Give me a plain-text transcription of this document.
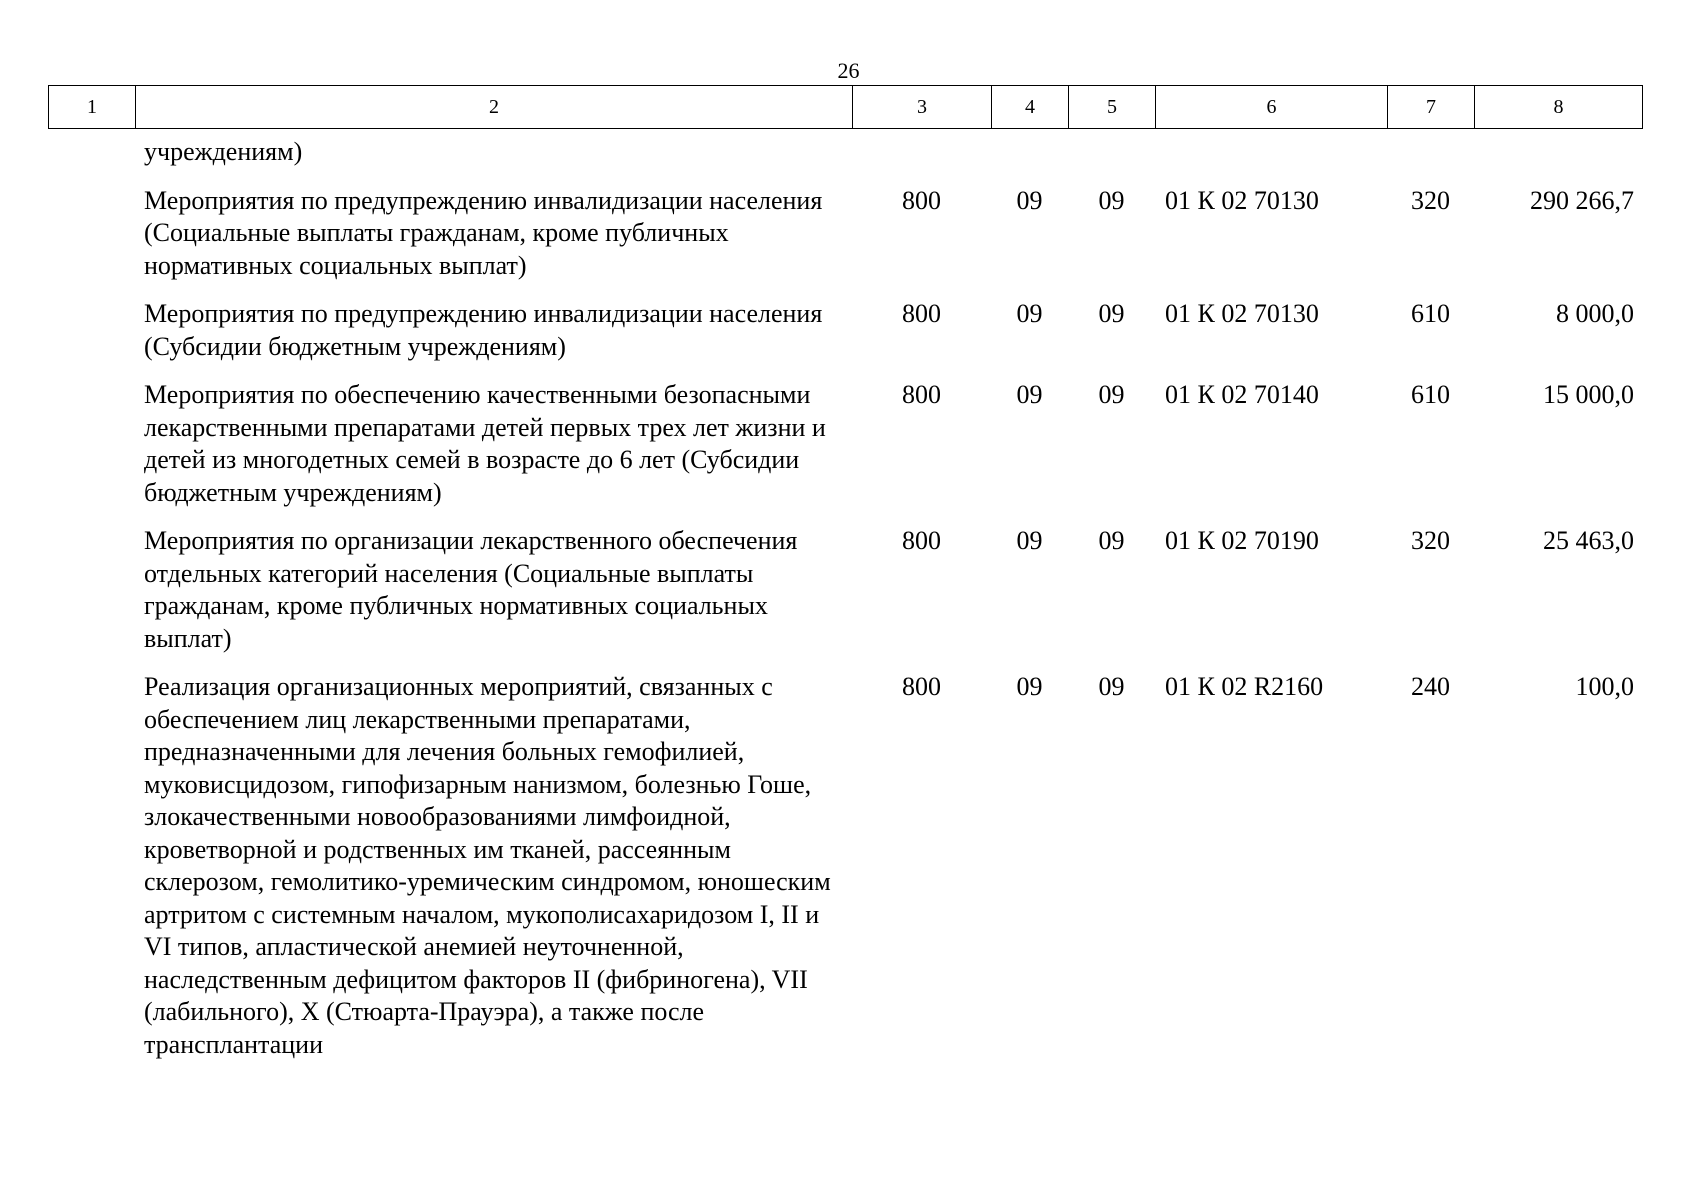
26
1	2	3	4	5	6	7	8
	учреждениям)						
	Мероприятия по предупреждению инвалидизации населения (Социальные выплаты гражданам, кроме публичных нормативных социальных выплат)	800	09	09	01 К 02 70130	320	290 266,7
	Мероприятия по предупреждению инвалидизации населения (Субсидии бюджетным учреждениям)	800	09	09	01 К 02 70130	610	8 000,0
	Мероприятия по обеспечению качественными безопасными лекарственными препаратами детей первых трех лет жизни и детей из многодетных семей в возрасте до 6 лет (Субсидии бюджетным учреждениям)	800	09	09	01 К 02 70140	610	15 000,0
	Мероприятия по организации лекарственного обеспечения отдельных категорий населения (Социальные выплаты гражданам, кроме публичных нормативных социальных выплат)	800	09	09	01 К 02 70190	320	25 463,0
	Реализация организационных мероприятий, связанных с обеспечением лиц лекарственными препаратами, предназначенными для лечения больных гемофилией, муковисцидозом, гипофизарным нанизмом, болезнью Гоше, злокачественными новообразованиями лимфоидной, кроветворной и родственных им тканей, рассеянным склерозом, гемолитико-уремическим синдромом, юношеским артритом с системным началом, мукополисахаридозом I, II и VI типов, апластической анемией неуточненной, наследственным дефицитом факторов II (фибриногена), VII (лабильного), X (Стюарта-Прауэра), а также после трансплантации	800	09	09	01 К 02 R2160	240	100,0
